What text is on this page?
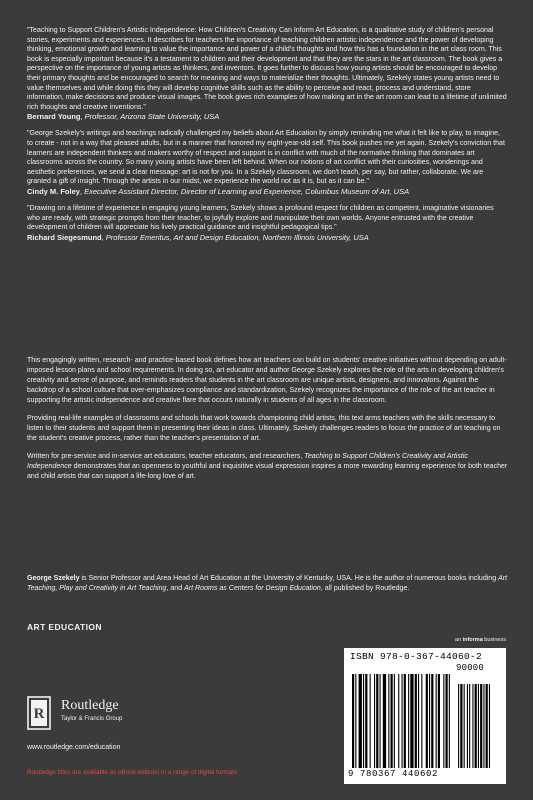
"Teaching to Support Children's Artistic Independence: How Children's Creativity Can Inform Art Education, is a qualitative study of children's personal stories, experiments and experiences. It describes for teachers the importance of teaching children artistic independence and the power of developing thinking, emotional growth and learning to value the importance and power of a child's thoughts and how this has a foundation in the art class room. This book is especially important because it's a testament to children and their development and that they are the stars in the art classroom. The book gives a perspective on the importance of young artists as thinkers, and inventors. It goes further to discuss how young artists should be encouraged to develop their primary thoughts and be encouraged to search for meaning and ways to materialize their thoughts. Ultimately, Szekely states young artists need to value themselves and while doing this they will develop cognitive skills such as the ability to perceive and react, process and understand, store information, make decisions and produce visual images. The book gives rich examples of how making art in the art room can lead to a lifetime of unlimited rich thoughts and creative inventions."

Bernard Young, Professor, Arizona State University, USA

"George Szekely's writings and teachings radically challenged my beliefs about Art Education by simply reminding me what it felt like to play, to imagine, to create - not in a way that pleased adults, but in a manner that honored my eight-year-old self. This book pushes me yet again. Szekely's conviction that learners are independent thinkers and makers worthy of respect and support is in conflict with much of the normative thinking that dominates art classrooms across the country. So many young artists have been left behind. When our notions of art conflict with their curiosities, wonderings and aesthetic preferences, we send a clear message: art is not for you. In a Szekely classroom, we don't teach, per say, but rather, collaborate. We are granted a gift of insight. Through the artists in our midst, we experience the world not as it is, but as it can be."

Cindy M. Foley, Executive Assistant Director, Director of Learning and Experience, Columbus Museum of Art, USA

"Drawing on a lifetime of experience in engaging young learners, Szekely shows a profound respect for children as competent, imaginative visionaries who are ready, with strategic prompts from their teacher, to joyfully explore and manipulate their own worlds. Anyone entrusted with the creative development of children will appreciate his lively practical guidance and insightful pedagogical tips."

Richard Siegesmund, Professor Emeritus, Art and Design Education, Northern Illinois University, USA

This engagingly written, research- and practice-based book defines how art teachers can build on students' creative initiatives without depending on adult-imposed lesson plans and school requirements. In doing so, art educator and author George Szekely explores the role of the arts in developing children's creativity and sense of purpose, and reminds readers that students in the art classroom are unique artists, designers, and innovators. Against the backdrop of a school culture that over-emphasizes compliance and standardization, Szekely recognizes the importance of the role of the art teacher in supporting the artistic independence and creative flare that occurs naturally in students of all ages in the classroom.

Providing real-life examples of classrooms and schools that work towards championing child artists, this text arms teachers with the skills necessary to listen to their students and support them in presenting their ideas in class. Ultimately, Szekely challenges readers to focus the practice of art teaching on the student's creative process, rather than the teacher's presentation of art.

Written for pre-service and in-service art educators, teacher educators, and researchers, Teaching to Support Children's Creativity and Artistic Independence demonstrates that an openness to youthful and inquisitive visual expression inspires a more rewarding learning experience for both teacher and child artists that can support a life-long love of art.

George Szekely is Senior Professor and Area Head of Art Education at the University of Kentucky, USA. He is the author of numerous books including Art Teaching, Play and Creativity in Art Teaching, and Art Rooms as Centers for Design Education, all published by Routledge.
ART EDUCATION
an informa business
R
Routledge
Taylor & Francis Group
www.routledge.com/education
Routledge titles are available as eBook editions in a range of digital formats
ISBN 978-0-367-44060-2
90000
9 780367 440602
